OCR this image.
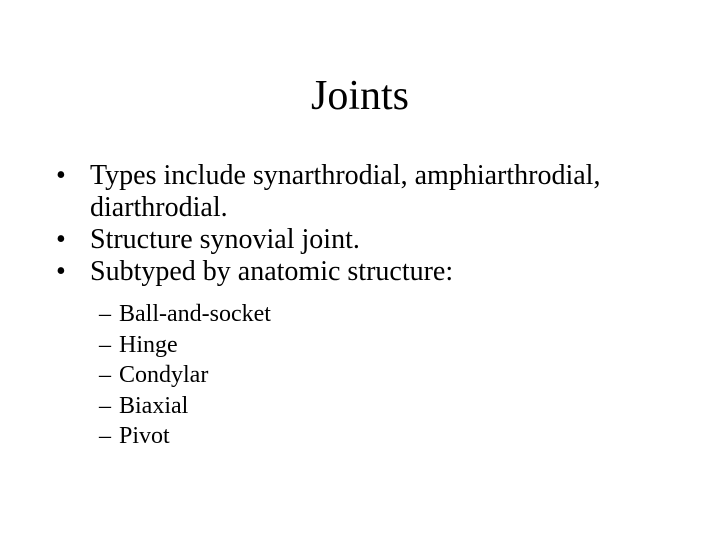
Joints
• Types include synarthrodial, amphiarthrodial, diarthrodial.
• Structure synovial joint.
• Subtyped by anatomic structure:
– Ball-and-socket
– Hinge
– Condylar
– Biaxial
– Pivot
